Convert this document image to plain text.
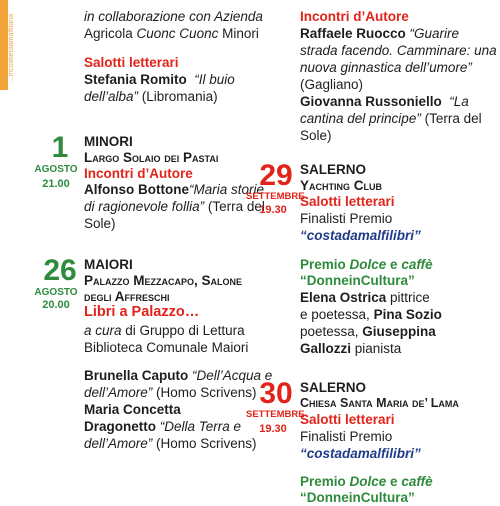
...incostieraamalfitana	in collaborazione con Azienda
Agricola Cuonc Cuonc Minori
Salotti letterari
Stefania Romito “Il buio
dell’alba” (Libromania)
1
AGOSTO
21.00
MINORI
Largo Solaio dei Pastai
Incontri d’Autore
Alfonso Bottone“Maria storie
di ragionevole follia” (Terra del
Sole)
26
AGOSTO
20.00
MAIORI
Palazzo Mezzacapo, Salone
degli Affreschi
Libri a Palazzo…
a cura di Gruppo di Lettura
Biblioteca Comunale Maiori
Brunella Caputo “Dell’Acqua e
dell’Amore” (Homo Scrivens)
Maria Concetta
Dragonetto “Della Terra e
dell’Amore” (Homo Scrivens)
Incontri d’Autore
Raffaele Ruocco “Guarire
strada facendo. Camminare: una
nuova ginnastica dell’umore”
(Gagliano)
Giovanna Russoniello “La
cantina del principe” (Terra del
Sole)
29
SETTEMBRE
19.30
SALERNO
Yachting Club
Salotti letterari
Finalisti Premio
“costadamalfilibri”
Premio Dolce e caffè
“DonneinCultura”
Elena Ostrica pittrice
e poetessa, Pina Sozio
poetessa, Giuseppina
Gallozzi pianista
30
SETTEMBRE
19.30
SALERNO
Chiesa Santa Maria de’ Lama
Salotti letterari
Finalisti Premio
“costadamalfilibri”
Premio Dolce e caffè
“DonneinCultura”
